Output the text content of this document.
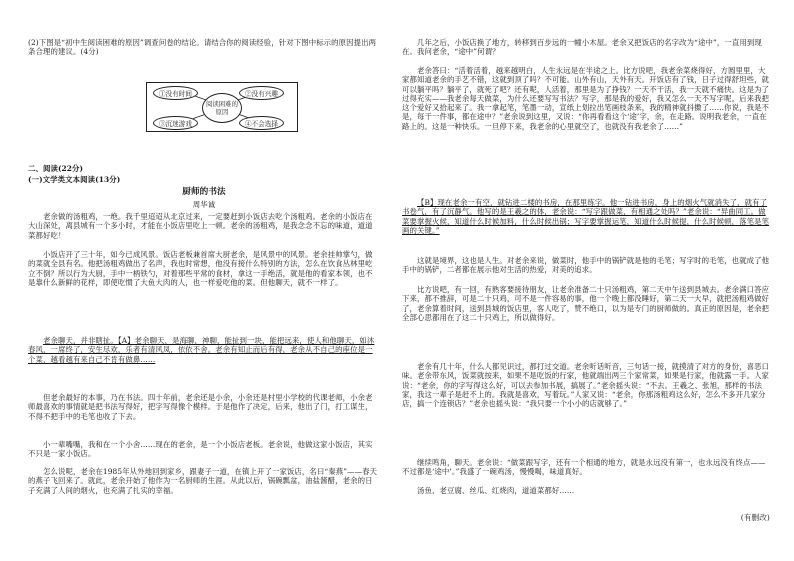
(2)下图是“初中生阅读困难的原因”调查问卷的结论。请结合你的阅读经验，针对下图中标示的原因提出两条合理的建议。(4分)
①没有时间	②没有兴趣
③沉迷游戏	④不会选择
阅读困难的原因
二、阅读(22分)
(一)文学类文本阅读(13分)
厨师的书法
周华诚
老余做的汤粗鸡，一绝。我千里迢迢从北京过来，一定要赶到小饭店去吃个汤粗鸡。老余的小饭店在大山深处，离县城有一个多小时，才能在小饭店里吃上一顿。老余的汤粗鸡，是我念念不忘的味道，道道菜都好吃！
小饭店开了三十年，如今已成风景。饭店老板兼首席大厨老余，是风景中的风景。老余挂帅掌勺，做的菜就全县有名。他把汤粗鸡做出了名声，我也时常想，他没有接什么特别的方法，怎么在饮食丛林里屹立不倒？所以行为大厨，手中一柄铁勺，对着那些平常的食材，拿这一手绝活，就是他的看家本领，也不是靠什么新鲜的花样，即使吃惯了大鱼大肉的人，也一样爱吃他的菜。但他聊天，就不一样了。
老余聊天，并非瞎扯。【A】老余聊天，是海聊，神聊，能扯到一块，能把远来，使人和他聊天，如沐春风，一席终了，安生尽欢，乐者有清风凤，依依不舍。老余有知止而后有得，老余从不自己的座位是一个菜，越看越有来自己不肯有做鼻……
但老余最好的本事，乃在书法。四十年前，老余还是小余，小余还是村里小学校的代课老师，小余老师最喜欢的事情就是把书法写得好，把字写得像个模样。于是他作了决定，后来，他出了门，打工谋生，不得不把手中的毛笔也收了下去。
小一辈嘴嘴，我和在一个小舍……现在的老余，是一个小饭店老板。老余说，他做这家小饭店，其实不只是一家小饭店。
怎么说呢，老余在1985年从外地回到家乡，跟妻子一道，在镇上开了一家饭店，名曰“秦燕”——春天的燕子飞回来了。就此，老余开始了他作为一名厨师的生涯。从此以后，锅碗瓢盆，油盐酱醋，老余的日子充满了人间的烟火，也充满了扎实的幸福。
几年之后，小饭店换了地方，转移到百步远的一幢小木屋。老余又把饭店的名字改为“途中”，一直用到现在。我问老余，“途中”何谓？
老余答曰：“活着活着，越来越明白，人生永远是在半途之上。比方说吧，我老余菜烧得好，方圆里里，大家都知道老余的手艺不错，这就到顶了吗？不可能。山外有山，天外有天。开饭店有了钱，日子过得舒坦些，就可以躺平吗？躺平了，就死了吧？还有呢，人活着，那里是为了挣钱？一天不干活，我一天就不痛快。这是为了过得充实——我老余每天做菜，为什么还要写写书法？写字，那是我的爱好，我又怎么一天不写字呢。后来我把这个爱好又拾起来了。我一拿起笔，笔墨一动，宣纸上划拉出笔画枝条来，我的精神就抖擞了……你说，我是不是，每干一件事，都在途中？”老余说到这里，又说：“你再看看这个‘途’字，余，在走路。说明我老余，一直在路上的。这是一种快乐。一旦停下来，我老余的心里就空了，也就没有我老余了……”
【B】现在老余一有空，就钻进二楼的书房，在那里练字。他一钻进书房，身上的烟火气就消失了，就有了书卷气，有了沉静气。他写的是王羲之的体，老余说：“写字跟做菜，有相通之处吗？”老余说：“异曲同工。做菜要掌握火候，知道什么时候加料，什么时候出锅；写字要掌握运笔，知道什么时候提，什么时候顿，落笔是笔画的关键。”
这就是境界，这也是人生。对老余来说，做菜时，他手中的锅铲就是他的毛笔；写字时的毛笔，也就成了他手中的锅铲，二者都在展示他对生活的热爱，对美的追求。
比方说吧，有一回，有熟客要接待朋友，让老余准备二十只汤粗鸡，第二天中午送到县城去。老余满口答应下来，都不推辞，可是二十只鸡，可不是一件容易的事，他一个晚上都没睡好，第二天一大早，就把汤粗鸡做好了，老余算着时间，送到县城的饭店里，客人吃了，赞不绝口，以为是专门的厨师做的。真正的原因是，老余把全部心思都用在了这二十只鸡上，所以做得好。
老余有几十年，什么人都见识过，都打过交道。老余听话听音，三句话一接，就摸清了对方的身份，喜恶口味。老余带东风，饭菜就按来，如果不是吃饭的行家，他就端出两三个家常菜，如果是行家，他就露一手。人家说：“老余，你的字写得这么好，可以去参加书展，搞展了。”老余摇头说：“不去。王羲之、张旭，那样的书法家，我这一辈子是赶不上的。我就是喜欢，写着玩。”人家又说：“老余，你那汤粗鸡这么好，怎么不多开几家分店，搞一个连锁店？”老余也摇头说：“我只要一个小小的店就够了。”
继续鸣角，聊天。老余说：“做菜跟写字，还有一个相通的地方，就是永远没有第一，也永远没有终点——不过都是‘途中’。”我盛了一碗鸡汤，慢慢喝，味道真好。
汤鱼、老豆腐、丝瓜、红烧肉，道道菜都好……
(有删改)
